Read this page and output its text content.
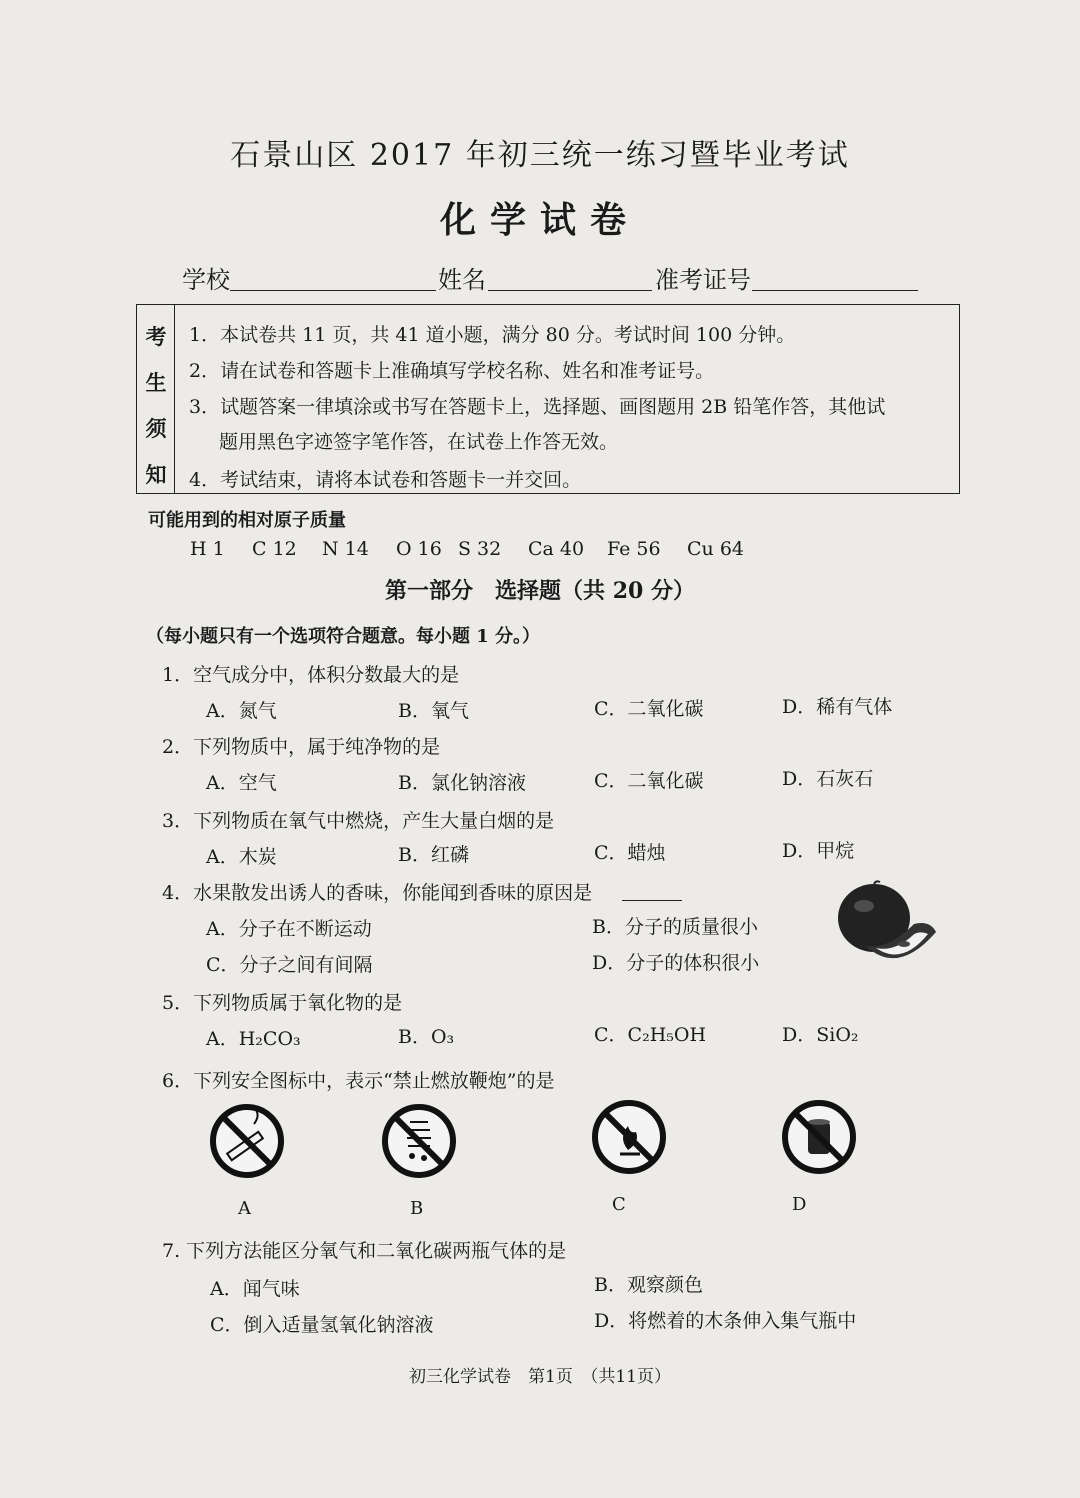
石景山区 2017 年初三统一练习暨毕业考试
化学试卷
学校	姓名	准考证号
考
生
须
知
1．本试卷共 11 页，共 41 道小题，满分 80 分。考试时间 100 分钟。
2．请在试卷和答题卡上准确填写学校名称、姓名和准考证号。
3．试题答案一律填涂或书写在答题卡上，选择题、画图题用 2B 铅笔作答，其他试
题用黑色字迹签字笔作答，在试卷上作答无效。
4．考试结束，请将本试卷和答题卡一并交回。
可能用到的相对原子质量
H 1 C 12 N 14 O 16 S 32 Ca 40 Fe 56 Cu 64
第一部分　选择题（共 20 分）
（每小题只有一个选项符合题意。每小题 1 分。）
1．空气成分中，体积分数最大的是
A．氮气	B．氧气	C．二氧化碳	D．稀有气体
2．下列物质中，属于纯净物的是
A．空气	B．氯化钠溶液	C．二氧化碳	D．石灰石
3．下列物质在氧气中燃烧，产生大量白烟的是
A．木炭	B．红磷	C．蜡烛	D．甲烷
4．水果散发出诱人的香味，你能闻到香味的原因是
A．分子在不断运动	B．分子的质量很小
C．分子之间有间隔	D．分子的体积很小
5．下列物质属于氧化物的是
A．H₂CO₃	B．O₃	C．C₂H₅OH	D．SiO₂
6．下列安全图标中，表示“禁止燃放鞭炮”的是
A	B	C	D
7. 下列方法能区分氧气和二氧化碳两瓶气体的是
A．闻气味	B．观察颜色
C．倒入适量氢氧化钠溶液	D．将燃着的木条伸入集气瓶中
初三化学试卷　第1页　（共11页）
